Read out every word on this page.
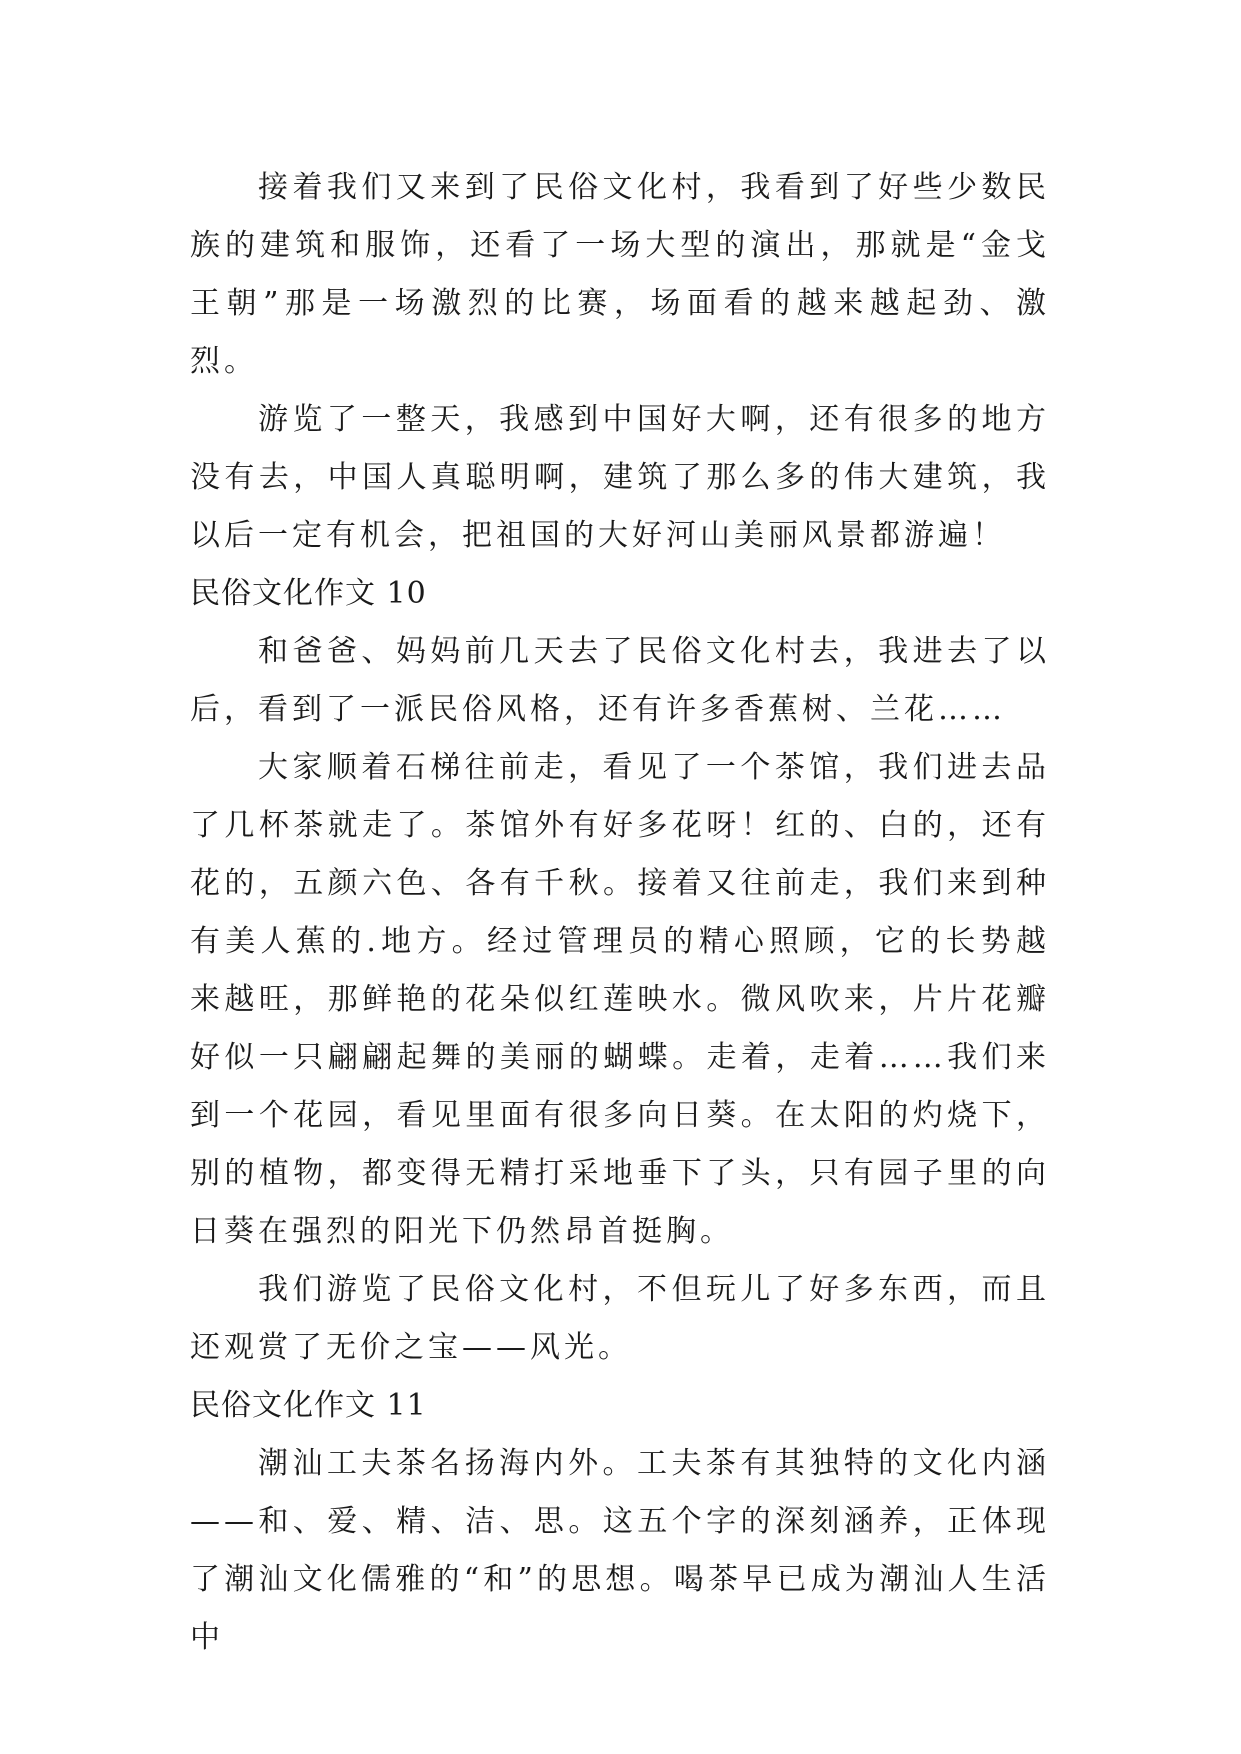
接着我们又来到了民俗文化村，我看到了好些少数民族的建筑和服饰，还看了一场大型的演出，那就是“金戈王朝”那是一场激烈的比赛，场面看的越来越起劲、激烈。

游览了一整天，我感到中国好大啊，还有很多的地方没有去，中国人真聪明啊，建筑了那么多的伟大建筑，我以后一定有机会，把祖国的大好河山美丽风景都游遍！

民俗文化作文 10

和爸爸、妈妈前几天去了民俗文化村去，我进去了以后，看到了一派民俗风格，还有许多香蕉树、兰花……

大家顺着石梯往前走，看见了一个茶馆，我们进去品了几杯茶就走了。茶馆外有好多花呀！红的、白的，还有花的，五颜六色、各有千秋。接着又往前走，我们来到种有美人蕉的.地方。经过管理员的精心照顾，它的长势越来越旺，那鲜艳的花朵似红莲映水。微风吹来，片片花瓣好似一只翩翩起舞的美丽的蝴蝶。走着，走着……我们来到一个花园，看见里面有很多向日葵。在太阳的灼烧下，别的植物，都变得无精打采地垂下了头，只有园子里的向日葵在强烈的阳光下仍然昂首挺胸。

我们游览了民俗文化村，不但玩儿了好多东西，而且还观赏了无价之宝——风光。

民俗文化作文 11

潮汕工夫茶名扬海内外。工夫茶有其独特的文化内涵——和、爱、精、洁、思。这五个字的深刻涵养，正体现了潮汕文化儒雅的“和”的思想。喝茶早已成为潮汕人生活中
